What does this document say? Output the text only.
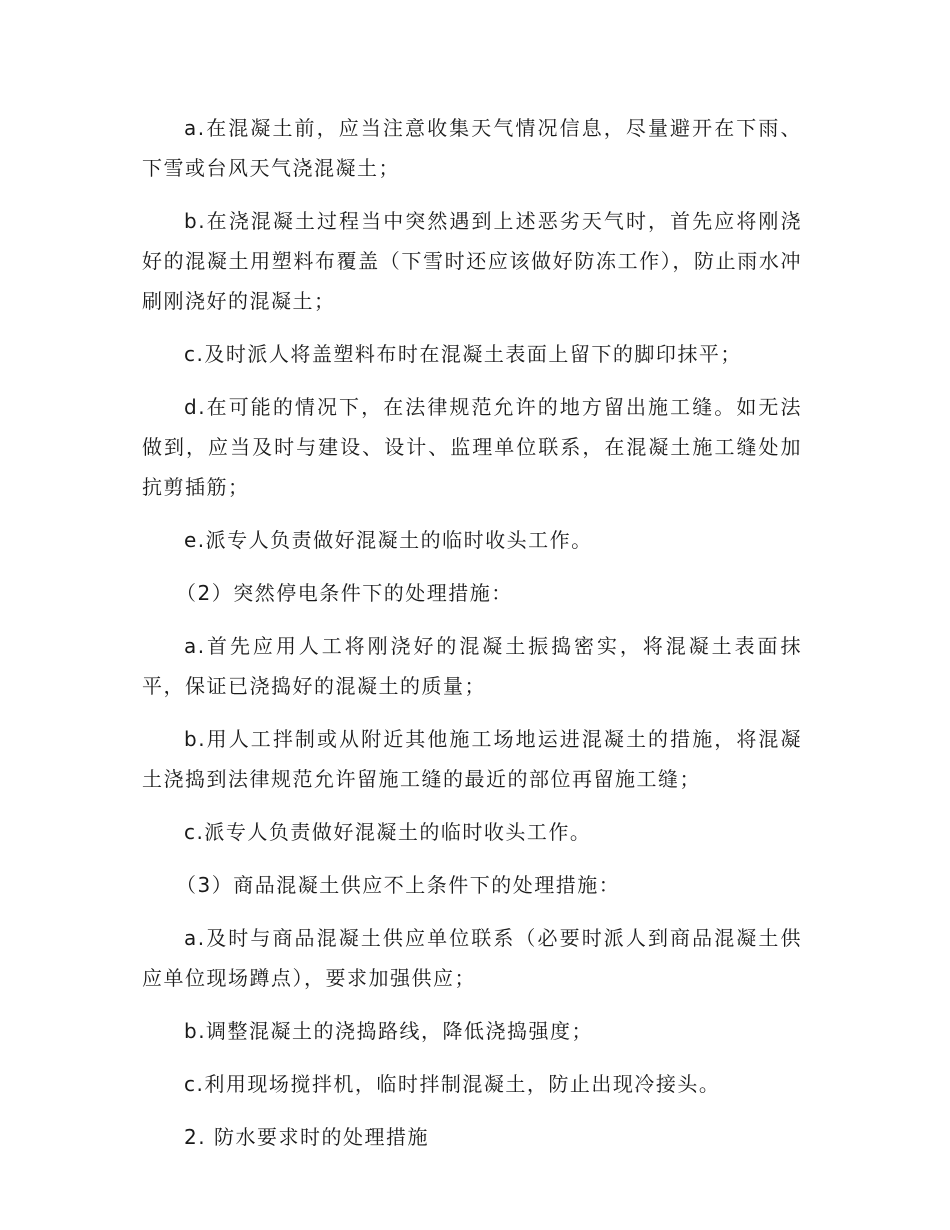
a.在混凝土前，应当注意收集天气情况信息，尽量避开在下雨、下雪或台风天气浇混凝土；

b.在浇混凝土过程当中突然遇到上述恶劣天气时，首先应将刚浇好的混凝土用塑料布覆盖（下雪时还应该做好防冻工作），防止雨水冲刷刚浇好的混凝土；

c.及时派人将盖塑料布时在混凝土表面上留下的脚印抹平；

d.在可能的情况下，在法律规范允许的地方留出施工缝。如无法做到，应当及时与建设、设计、监理单位联系，在混凝土施工缝处加抗剪插筋；

e.派专人负责做好混凝土的临时收头工作。

（2）突然停电条件下的处理措施：

a.首先应用人工将刚浇好的混凝土振捣密实，将混凝土表面抹平，保证已浇捣好的混凝土的质量；

b.用人工拌制或从附近其他施工场地运进混凝土的措施，将混凝土浇捣到法律规范允许留施工缝的最近的部位再留施工缝；

c.派专人负责做好混凝土的临时收头工作。

（3）商品混凝土供应不上条件下的处理措施：

a.及时与商品混凝土供应单位联系（必要时派人到商品混凝土供应单位现场蹲点），要求加强供应；

b.调整混凝土的浇捣路线，降低浇捣强度；

c.利用现场搅拌机，临时拌制混凝土，防止出现冷接头。

2. 防水要求时的处理措施
